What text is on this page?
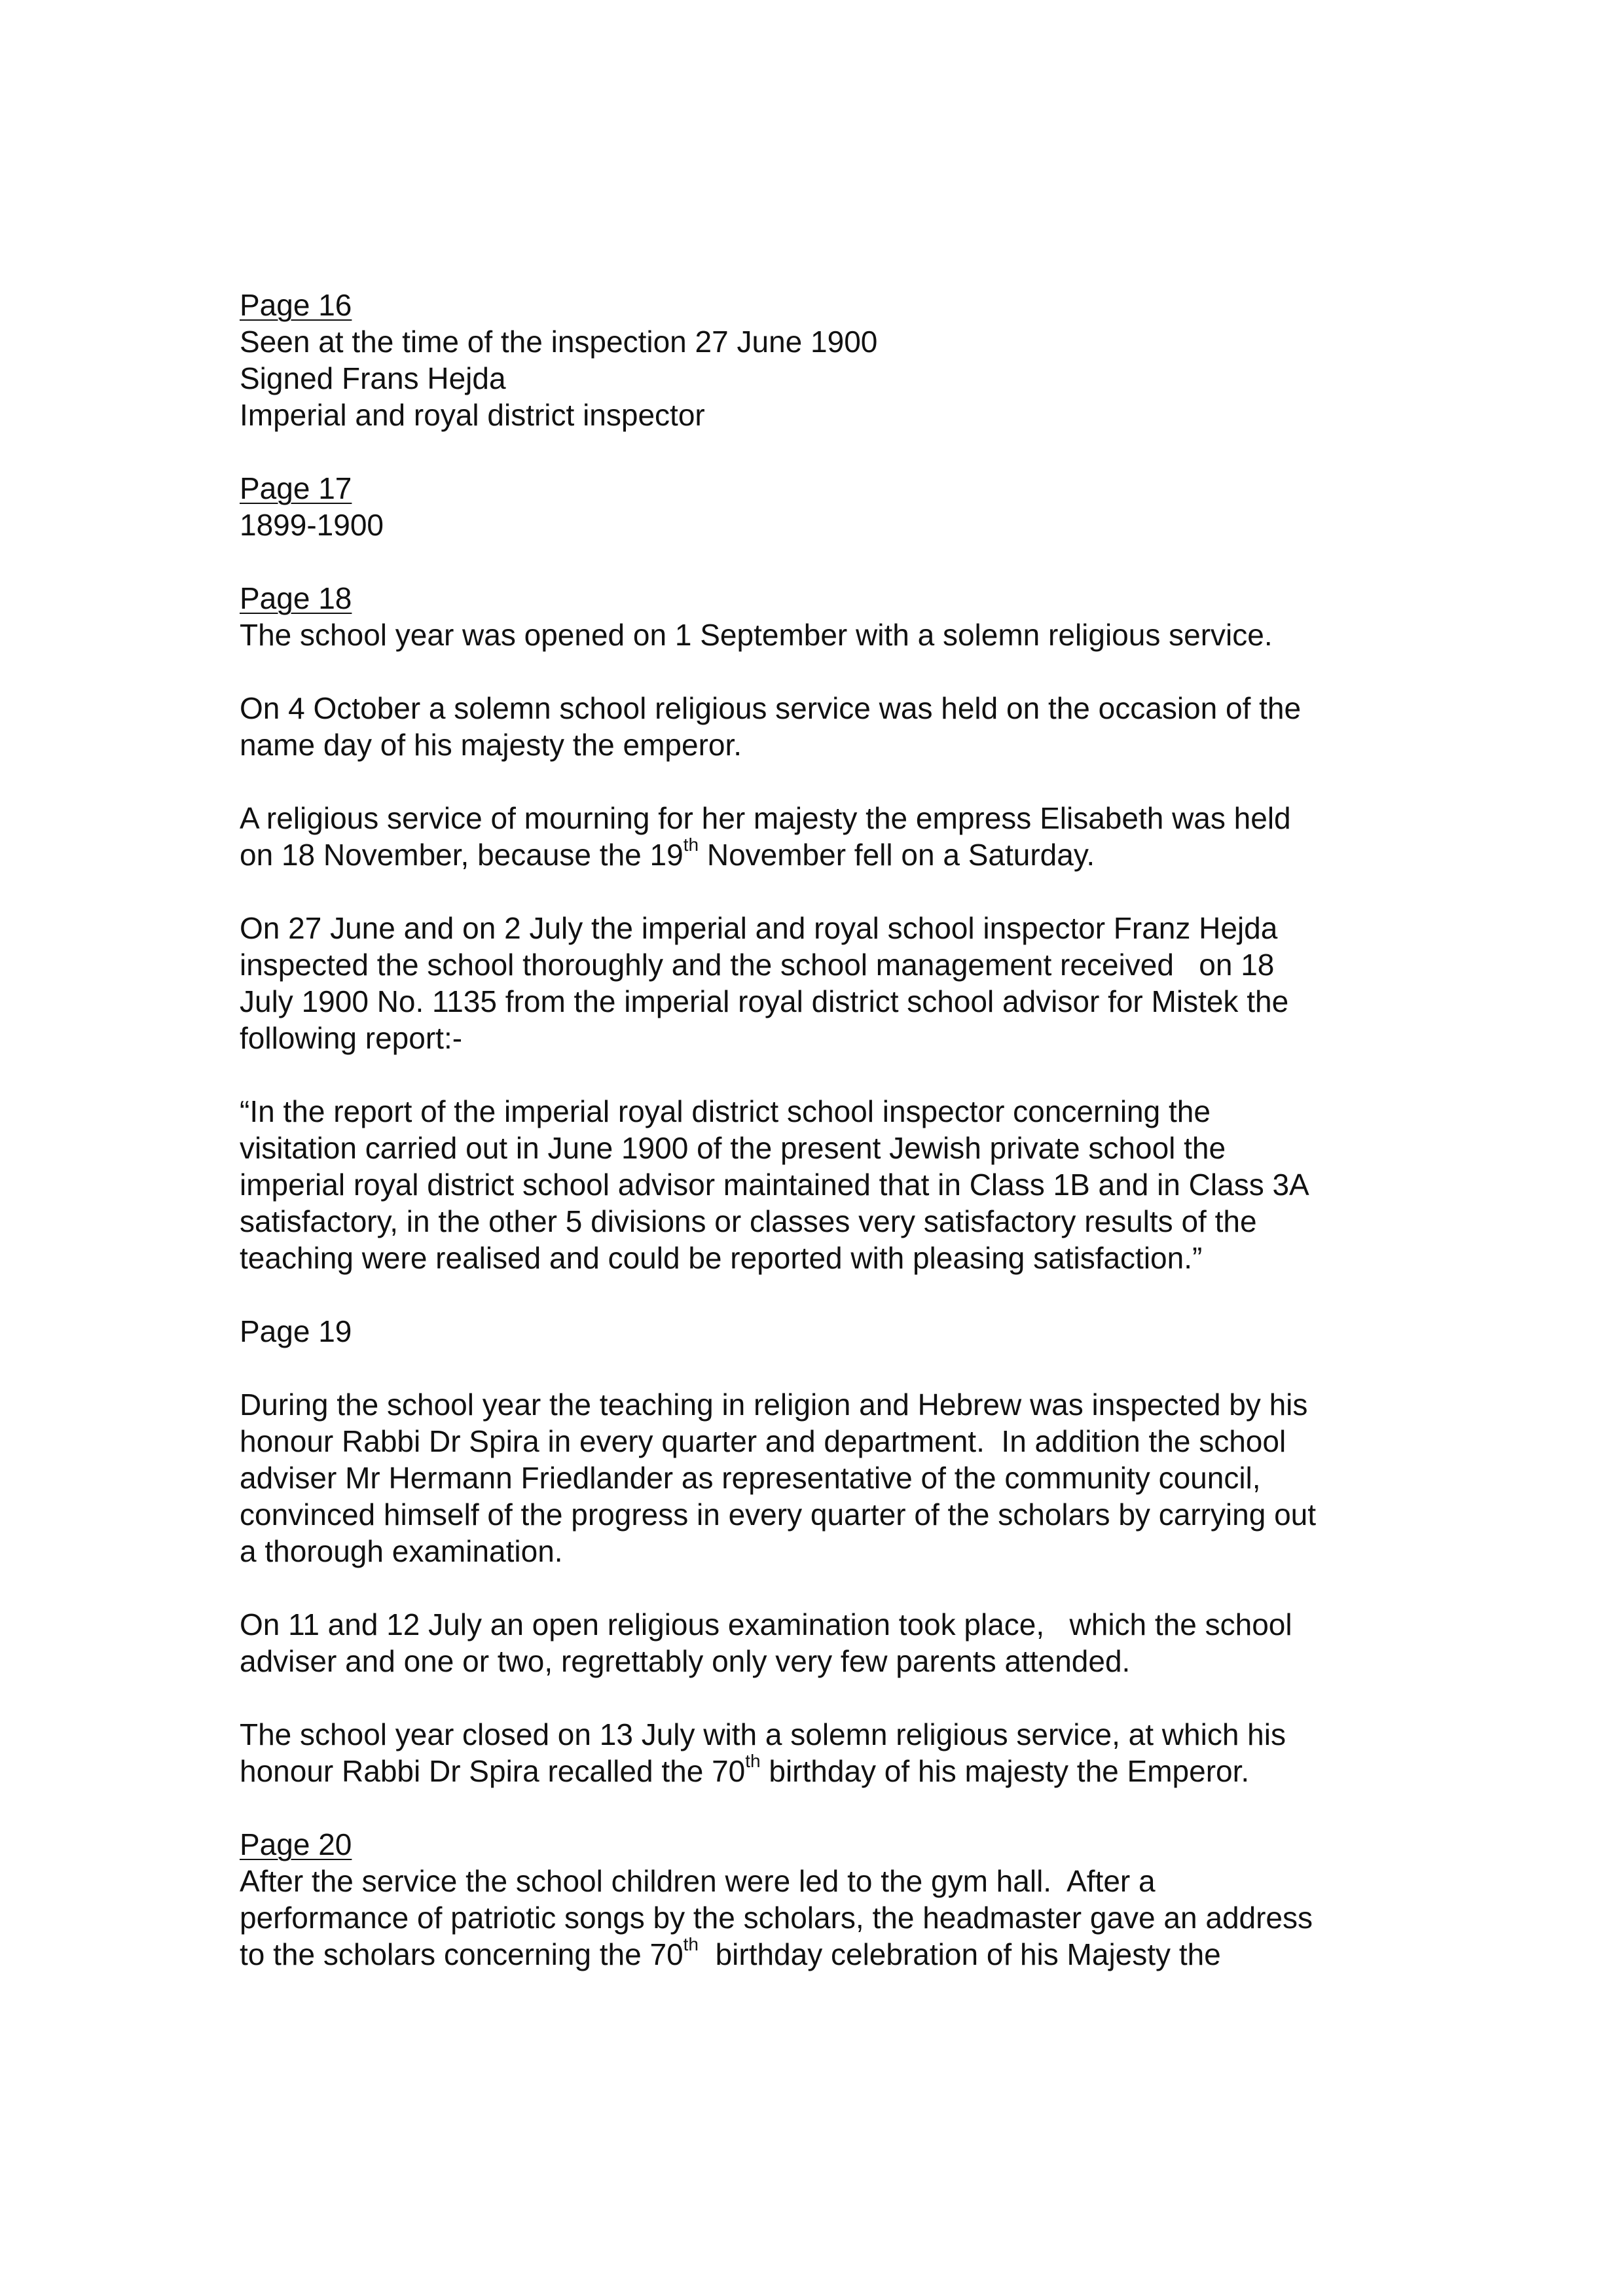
Page 16
Seen at the time of the inspection 27 June 1900
Signed Frans Hejda
Imperial and royal district inspector
Page 17
1899-1900
Page 18
The school year was opened on 1 September with a solemn religious service.
On 4 October a solemn school religious service was held on the occasion of the
name day of his majesty the emperor.
A religious service of mourning for her majesty the empress Elisabeth was held
on 18 November, because the 19th November fell on a Saturday.
On 27 June and on 2 July the imperial and royal school inspector Franz Hejda
inspected the school thoroughly and the school management received   on 18
July 1900 No. 1135 from the imperial royal district school advisor for Mistek the
following report:-
“In the report of the imperial royal district school inspector concerning the
visitation carried out in June 1900 of the present Jewish private school the
imperial royal district school advisor maintained that in Class 1B and in Class 3A
satisfactory, in the other 5 divisions or classes very satisfactory results of the
teaching were realised and could be reported with pleasing satisfaction.”
Page 19
During the school year the teaching in religion and Hebrew was inspected by his
honour Rabbi Dr Spira in every quarter and department.  In addition the school
adviser Mr Hermann Friedlander as representative of the community council,
convinced himself of the progress in every quarter of the scholars by carrying out
a thorough examination.
On 11 and 12 July an open religious examination took place,   which the school
adviser and one or two, regrettably only very few parents attended.
The school year closed on 13 July with a solemn religious service, at which his
honour Rabbi Dr Spira recalled the 70th birthday of his majesty the Emperor.
Page 20
After the service the school children were led to the gym hall.  After a
performance of patriotic songs by the scholars, the headmaster gave an address
to the scholars concerning the 70th  birthday celebration of his Majesty the
